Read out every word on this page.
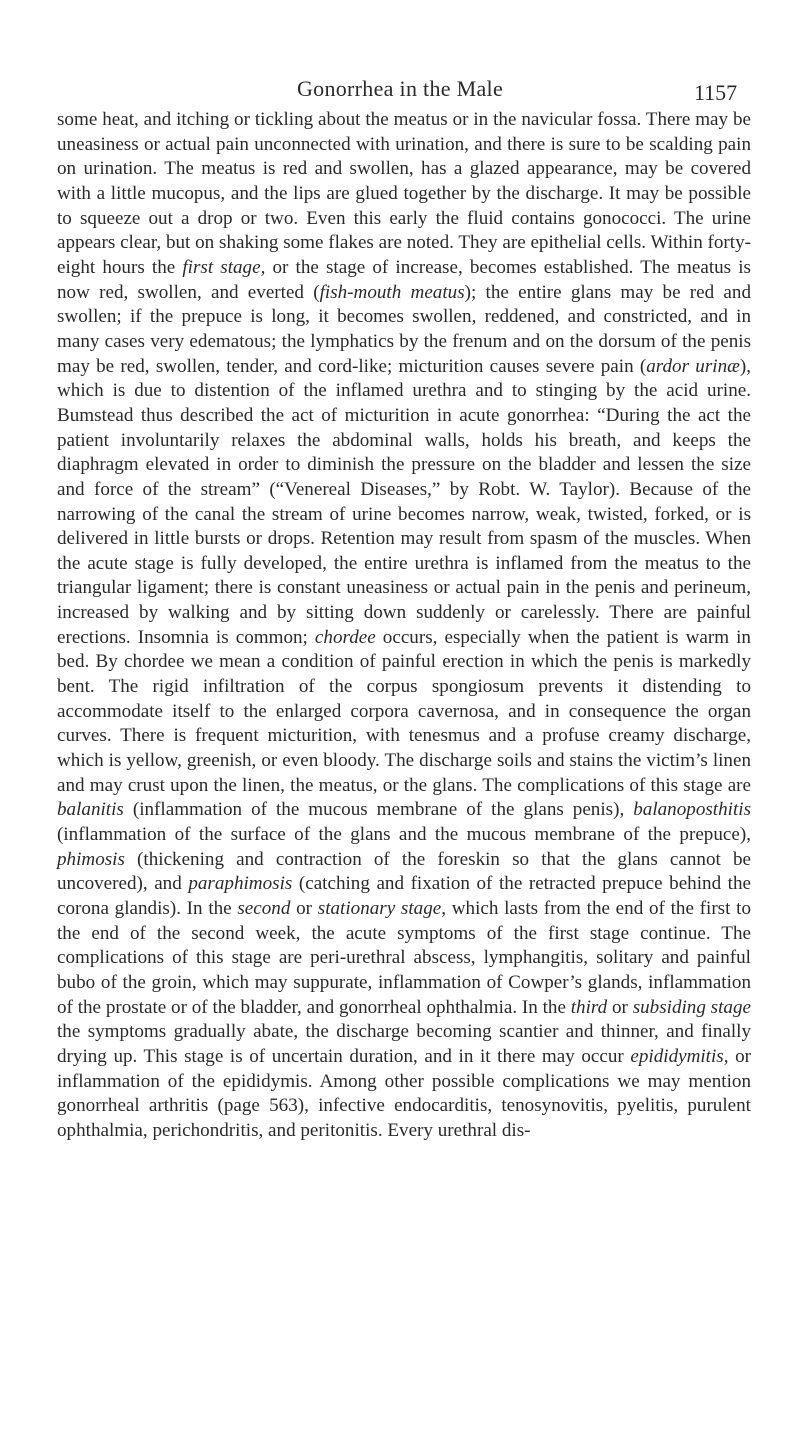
Gonorrhea in the Male	1157

some heat, and itching or tickling about the meatus or in the navicular fossa. There may be uneasiness or actual pain unconnected with urination, and there is sure to be scalding pain on urination. The meatus is red and swollen, has a glazed appearance, may be covered with a little mucopus, and the lips are glued together by the discharge. It may be possible to squeeze out a drop or two. Even this early the fluid contains gonococci. The urine appears clear, but on shaking some flakes are noted. They are epithelial cells. Within forty-eight hours the first stage, or the stage of increase, becomes established. The meatus is now red, swollen, and everted (fish-mouth meatus); the entire glans may be red and swollen; if the prepuce is long, it becomes swollen, reddened, and constricted, and in many cases very edematous; the lymphatics by the frenum and on the dorsum of the penis may be red, swollen, tender, and cord-like; micturition causes severe pain (ardor urinæ), which is due to distention of the inflamed urethra and to stinging by the acid urine. Bumstead thus described the act of micturition in acute gonorrhea: “During the act the patient involuntarily relaxes the abdominal walls, holds his breath, and keeps the diaphragm elevated in order to diminish the pressure on the bladder and lessen the size and force of the stream” (“Venereal Diseases,” by Robt. W. Taylor). Because of the narrowing of the canal the stream of urine becomes narrow, weak, twisted, forked, or is delivered in little bursts or drops. Retention may result from spasm of the muscles. When the acute stage is fully developed, the entire urethra is inflamed from the meatus to the triangular ligament; there is constant uneasiness or actual pain in the penis and perineum, increased by walking and by sitting down suddenly or carelessly. There are painful erections. Insomnia is common; chordee occurs, especially when the patient is warm in bed. By chordee we mean a condition of painful erection in which the penis is markedly bent. The rigid infiltration of the corpus spongiosum prevents it distending to accommodate itself to the enlarged corpora cavernosa, and in consequence the organ curves. There is frequent micturition, with tenesmus and a profuse creamy discharge, which is yellow, greenish, or even bloody. The discharge soils and stains the victim’s linen and may crust upon the linen, the meatus, or the glans. The complications of this stage are balanitis (inflammation of the mucous membrane of the glans penis), balanoposthitis (inflammation of the surface of the glans and the mucous membrane of the prepuce), phimosis (thickening and contraction of the foreskin so that the glans cannot be uncovered), and paraphimosis (catching and fixation of the retracted prepuce behind the corona glandis). In the second or stationary stage, which lasts from the end of the first to the end of the second week, the acute symptoms of the first stage continue. The complications of this stage are peri-urethral abscess, lymphangitis, solitary and painful bubo of the groin, which may suppurate, inflammation of Cowper’s glands, inflammation of the prostate or of the bladder, and gonorrheal ophthalmia. In the third or subsiding stage the symptoms gradually abate, the discharge becoming scantier and thinner, and finally drying up. This stage is of uncertain duration, and in it there may occur epididymitis, or inflammation of the epididymis. Among other possible complications we may mention gonorrheal arthritis (page 563), infective endocarditis, tenosynovitis, pyelitis, purulent ophthalmia, perichondritis, and peritonitis. Every urethral dis-
